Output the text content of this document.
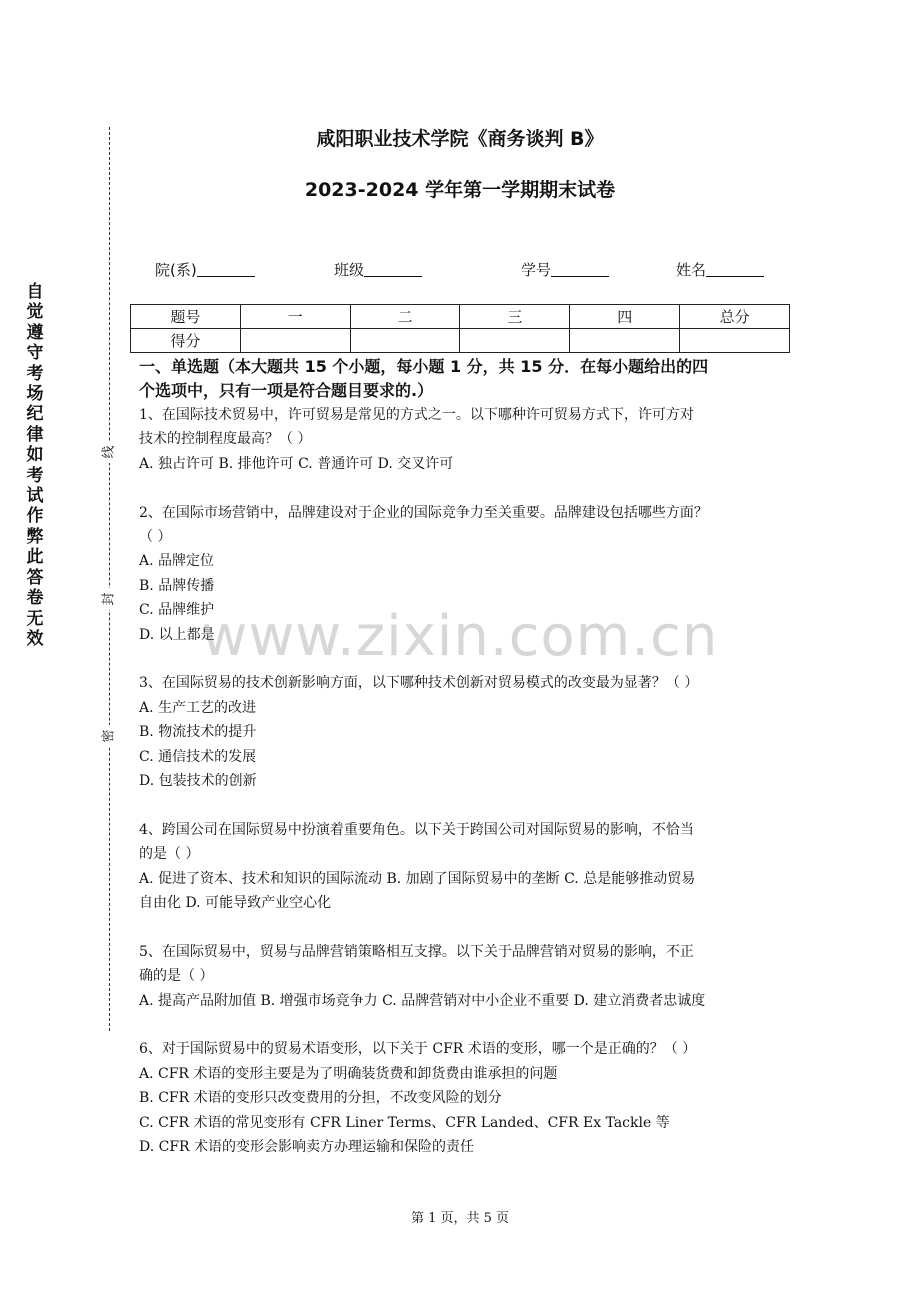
自觉遵守考场纪律如考试作弊此答卷无效
线
封
密
咸阳职业技术学院《商务谈判 B》
2023-2024 学年第一学期期末试卷
院(系)	班级	学号	姓名
题号	一	二	三	四	总分
得分					
一、单选题（本大题共 15 个小题，每小题 1 分，共 15 分．在每小题给出的四
个选项中，只有一项是符合题目要求的.）

1、在国际技术贸易中，许可贸易是常见的方式之一。以下哪种许可贸易方式下，许可方对

技术的控制程度最高？（ ）

A. 独占许可 B. 排他许可 C. 普通许可 D. 交叉许可

2、在国际市场营销中，品牌建设对于企业的国际竞争力至关重要。品牌建设包括哪些方面？

（ ）

A. 品牌定位

B. 品牌传播

C. 品牌维护

D. 以上都是

3、在国际贸易的技术创新影响方面，以下哪种技术创新对贸易模式的改变最为显著？（ ）

A. 生产工艺的改进

B. 物流技术的提升

C. 通信技术的发展

D. 包装技术的创新

4、跨国公司在国际贸易中扮演着重要角色。以下关于跨国公司对国际贸易的影响，不恰当

的是（ ）

A. 促进了资本、技术和知识的国际流动 B. 加剧了国际贸易中的垄断 C. 总是能够推动贸易

自由化 D. 可能导致产业空心化

5、在国际贸易中，贸易与品牌营销策略相互支撑。以下关于品牌营销对贸易的影响，不正

确的是（ ）

A. 提高产品附加值 B. 增强市场竞争力 C. 品牌营销对中小企业不重要 D. 建立消费者忠诚度

6、对于国际贸易中的贸易术语变形，以下关于 CFR 术语的变形，哪一个是正确的？（ ）

A. CFR 术语的变形主要是为了明确装货费和卸货费由谁承担的问题

B. CFR 术语的变形只改变费用的分担，不改变风险的划分

C. CFR 术语的常见变形有 CFR Liner Terms、CFR Landed、CFR Ex Tackle 等

D. CFR 术语的变形会影响卖方办理运输和保险的责任

www.zixin.com.cn
第 1 页，共 5 页
